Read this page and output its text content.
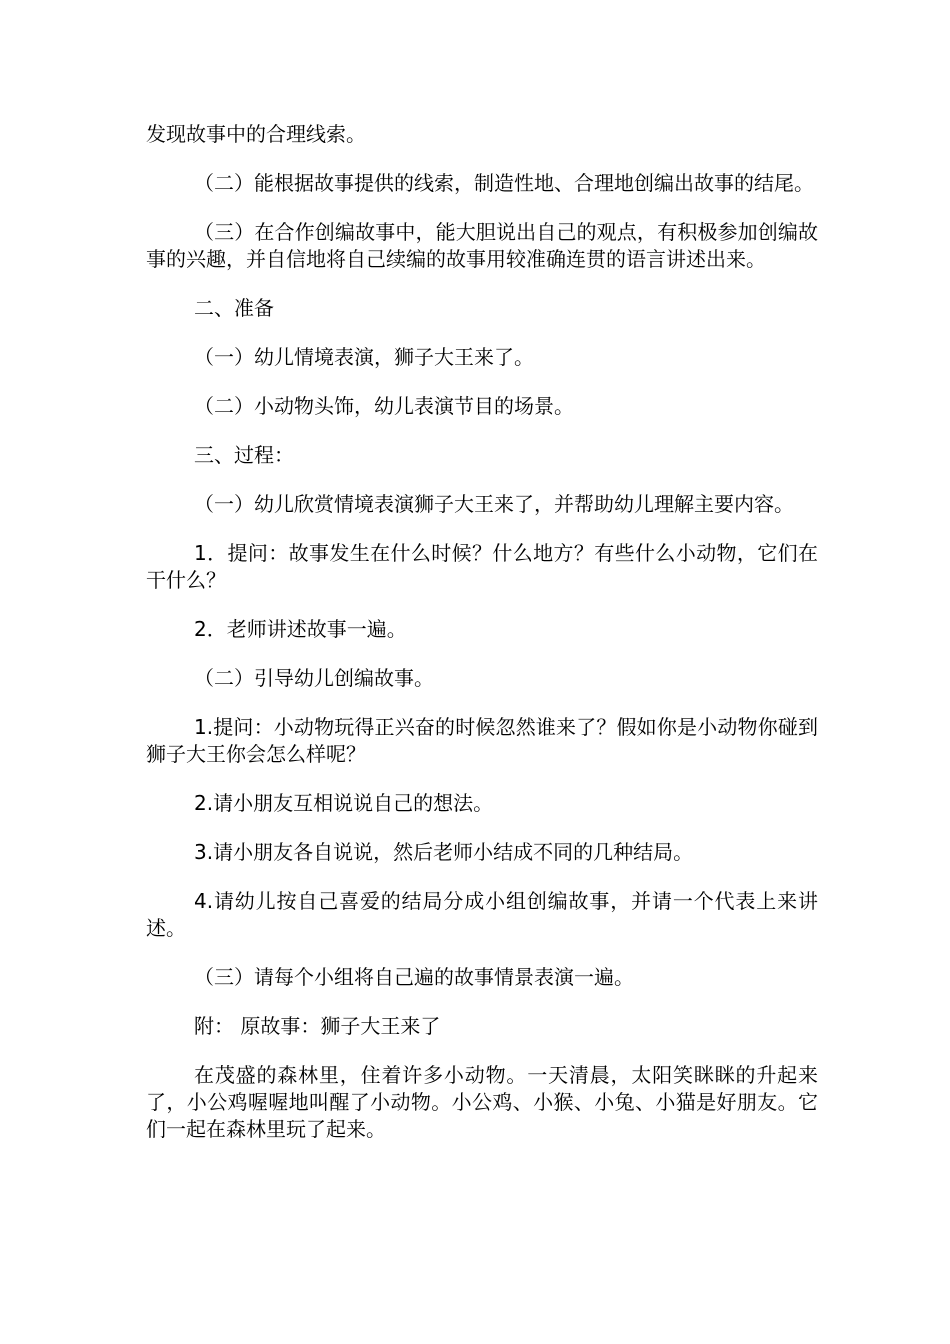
发现故事中的合理线索。

（二）能根据故事提供的线索，制造性地、合理地创编出故事的结尾。

（三）在合作创编故事中，能大胆说出自己的观点，有积极参加创编故事的兴趣，并自信地将自己续编的故事用较准确连贯的语言讲述出来。

二、准备

（一）幼儿情境表演，狮子大王来了。

（二）小动物头饰，幼儿表演节目的场景。

三、过程：

（一）幼儿欣赏情境表演狮子大王来了，并帮助幼儿理解主要内容。

1．提问：故事发生在什么时候？什么地方？有些什么小动物，它们在干什么？

2．老师讲述故事一遍。

（二）引导幼儿创编故事。

1.提问：小动物玩得正兴奋的时候忽然谁来了？假如你是小动物你碰到狮子大王你会怎么样呢？

2.请小朋友互相说说自己的想法。

3.请小朋友各自说说，然后老师小结成不同的几种结局。

4.请幼儿按自己喜爱的结局分成小组创编故事，并请一个代表上来讲述。

（三）请每个小组将自己遍的故事情景表演一遍。

附： 原故事：狮子大王来了

在茂盛的森林里，住着许多小动物。一天清晨，太阳笑眯眯的升起来了，小公鸡喔喔地叫醒了小动物。小公鸡、小猴、小兔、小猫是好朋友。它们一起在森林里玩了起来。
